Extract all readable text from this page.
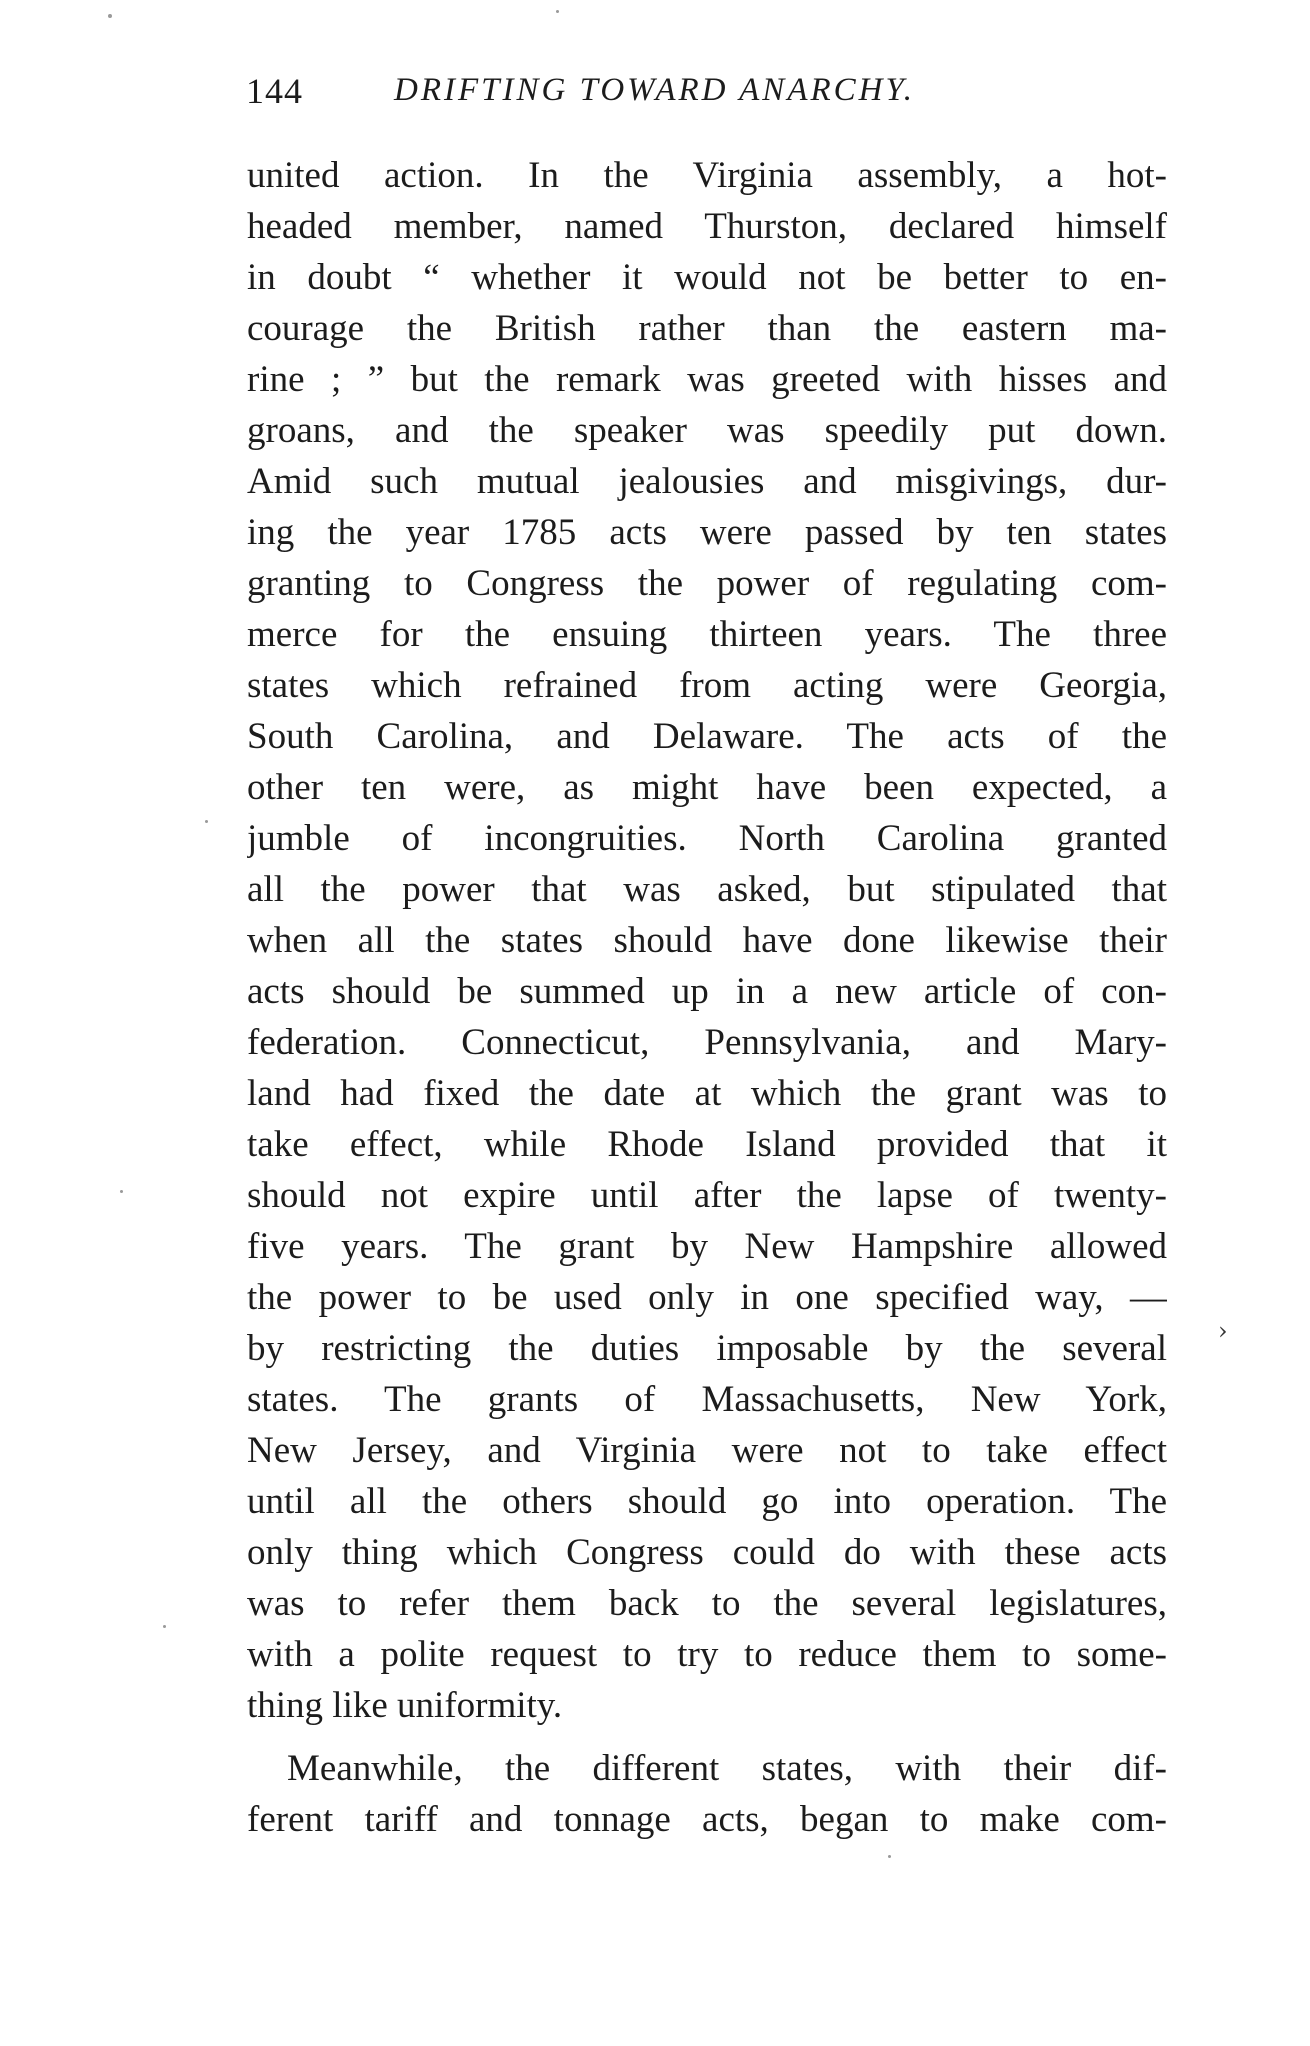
144	DRIFTING TOWARD ANARCHY.
united action. In the Virginia assembly, a hot-
headed member, named Thurston, declared himself
in doubt “ whether it would not be better to en-
courage the British rather than the eastern ma-
rine ; ” but the remark was greeted with hisses and
groans, and the speaker was speedily put down.
Amid such mutual jealousies and misgivings, dur-
ing the year 1785 acts were passed by ten states
granting to Congress the power of regulating com-
merce for the ensuing thirteen years. The three
states which refrained from acting were Georgia,
South Carolina, and Delaware. The acts of the
other ten were, as might have been expected, a
jumble of incongruities. North Carolina granted
all the power that was asked, but stipulated that
when all the states should have done likewise their
acts should be summed up in a new article of con-
federation. Connecticut, Pennsylvania, and Mary-
land had fixed the date at which the grant was to
take effect, while Rhode Island provided that it
should not expire until after the lapse of twenty-
five years. The grant by New Hampshire allowed
the power to be used only in one specified way, —
by restricting the duties imposable by the several
states. The grants of Massachusetts, New York,
New Jersey, and Virginia were not to take effect
until all the others should go into operation. The
only thing which Congress could do with these acts
was to refer them back to the several legislatures,
with a polite request to try to reduce them to some-
thing like uniformity.
Meanwhile, the different states, with their dif-
ferent tariff and tonnage acts, began to make com-
›
